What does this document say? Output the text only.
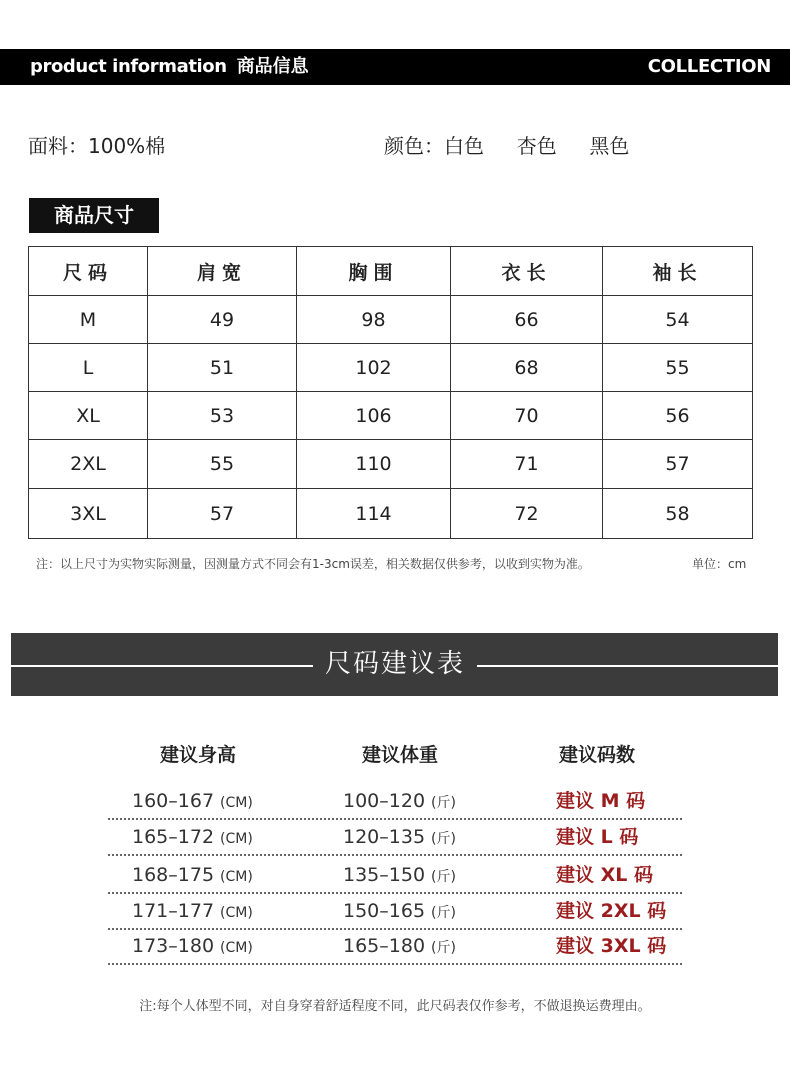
product information 商品信息	COLLECTION
面料：100%棉	颜色：白色  杏色  黑色
商品尺寸
尺码	肩宽	胸围	衣长	袖长
M	49	98	66	54
L	51	102	68	55
XL	53	106	70	56
2XL	55	110	71	57
3XL	57	114	72	58
注：以上尺寸为实物实际测量，因测量方式不同会有1-3cm误差，相关数据仅供参考，以收到实物为准。	单位：cm
尺码建议表
建议身高	建议体重	建议码数
160–167 (CM)	100–120 (斤)	建议 M 码
165–172 (CM)	120–135 (斤)	建议 L 码
168–175 (CM)	135–150 (斤)	建议 XL 码
171–177 (CM)	150–165 (斤)	建议 2XL 码
173–180 (CM)	165–180 (斤)	建议 3XL 码
注:每个人体型不同，对自身穿着舒适程度不同，此尺码表仅作参考，不做退换运费理由。
